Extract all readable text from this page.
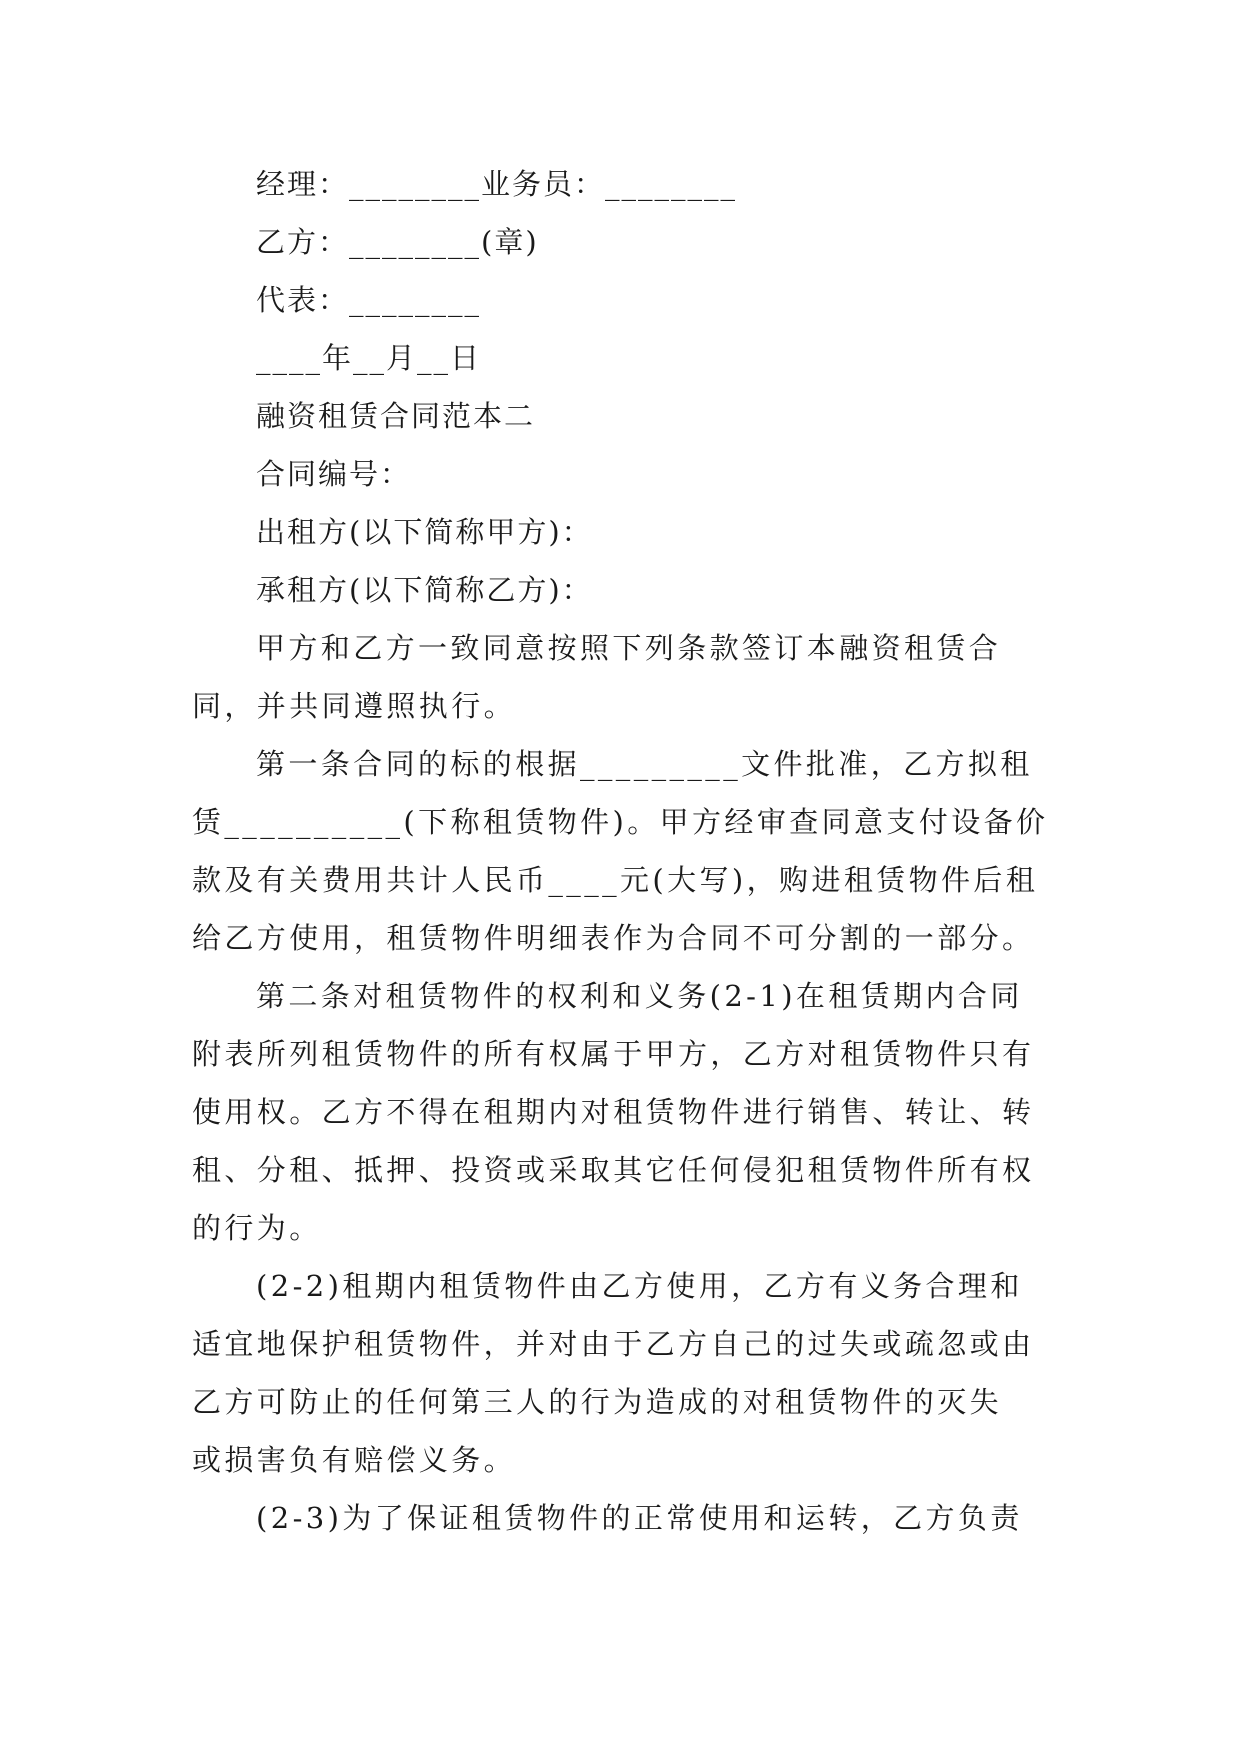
经理：________业务员：________

乙方：________(章)

代表：________

____年__月__日

融资租赁合同范本二

合同编号：

出租方(以下简称甲方)：

承租方(以下简称乙方)：

甲方和乙方一致同意按照下列条款签订本融资租赁合
同，并共同遵照执行。
第一条合同的标的根据_________文件批准，乙方拟租
赁__________(下称租赁物件)。甲方经审查同意支付设备价
款及有关费用共计人民币____元(大写)，购进租赁物件后租
给乙方使用，租赁物件明细表作为合同不可分割的一部分。
第二条对租赁物件的权利和义务(2-1)在租赁期内合同
附表所列租赁物件的所有权属于甲方，乙方对租赁物件只有
使用权。乙方不得在租期内对租赁物件进行销售、转让、转
租、分租、抵押、投资或采取其它任何侵犯租赁物件所有权
的行为。
(2-2)租期内租赁物件由乙方使用，乙方有义务合理和
适宜地保护租赁物件，并对由于乙方自己的过失或疏忽或由
乙方可防止的任何第三人的行为造成的对租赁物件的灭失
或损害负有赔偿义务。
(2-3)为了保证租赁物件的正常使用和运转，乙方负责
